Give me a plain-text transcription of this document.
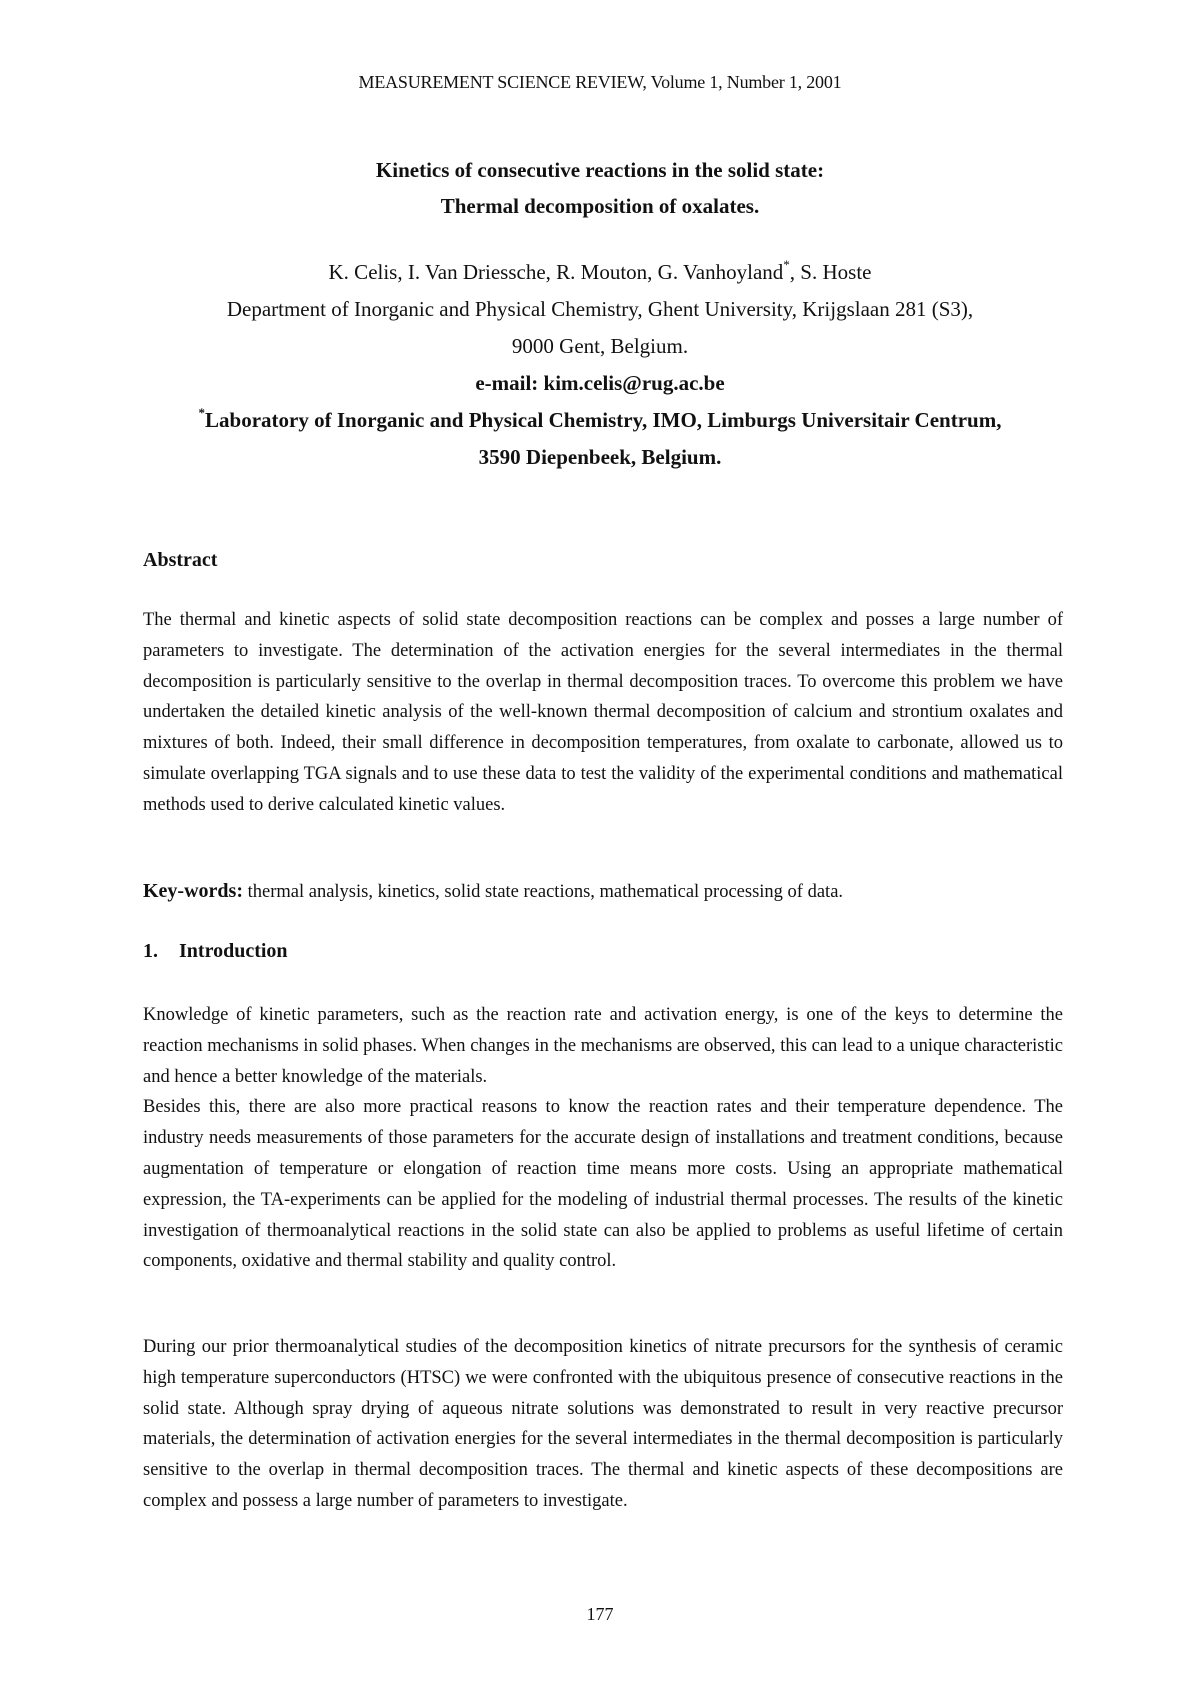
MEASUREMENT SCIENCE REVIEW, Volume 1, Number 1, 2001
Kinetics of consecutive reactions in the solid state:
Thermal decomposition of oxalates.
K. Celis, I. Van Driessche, R. Mouton, G. Vanhoyland*, S. Hoste
Department of Inorganic and Physical Chemistry, Ghent University, Krijgslaan 281 (S3),
9000 Gent, Belgium.
e-mail: kim.celis@rug.ac.be
*Laboratory of Inorganic and Physical Chemistry, IMO, Limburgs Universitair Centrum,
3590 Diepenbeek, Belgium.
Abstract

The thermal and kinetic aspects of solid state decomposition reactions can be complex and posses a large number of parameters to investigate. The determination of the activation energies for the several intermediates in the thermal decomposition is particularly sensitive to the overlap in thermal decomposition traces. To overcome this problem we have undertaken the detailed kinetic analysis of the well-known thermal decomposition of calcium and strontium oxalates and mixtures of both. Indeed, their small difference in decomposition temperatures, from oxalate to carbonate, allowed us to simulate overlapping TGA signals and to use these data to test the validity of the experimental conditions and mathematical methods used to derive calculated kinetic values.

Key-words: thermal analysis, kinetics, solid state reactions, mathematical processing of data.
1. Introduction

Knowledge of kinetic parameters, such as the reaction rate and activation energy, is one of the keys to determine the reaction mechanisms in solid phases. When changes in the mechanisms are observed, this can lead to a unique characteristic and hence a better knowledge of the materials.

Besides this, there are also more practical reasons to know the reaction rates and their temperature dependence. The industry needs measurements of those parameters for the accurate design of installations and treatment conditions, because augmentation of temperature or elongation of reaction time means more costs. Using an appropriate mathematical expression, the TA-experiments can be applied for the modeling of industrial thermal processes. The results of the kinetic investigation of thermoanalytical reactions in the solid state can also be applied to problems as useful lifetime of certain components, oxidative and thermal stability and quality control.

During our prior thermoanalytical studies of the decomposition kinetics of nitrate precursors for the synthesis of ceramic high temperature superconductors (HTSC) we were confronted with the ubiquitous presence of consecutive reactions in the solid state. Although spray drying of aqueous nitrate solutions was demonstrated to result in very reactive precursor materials, the determination of activation energies for the several intermediates in the thermal decomposition is particularly sensitive to the overlap in thermal decomposition traces. The thermal and kinetic aspects of these decompositions are complex and possess a large number of parameters to investigate.

177
